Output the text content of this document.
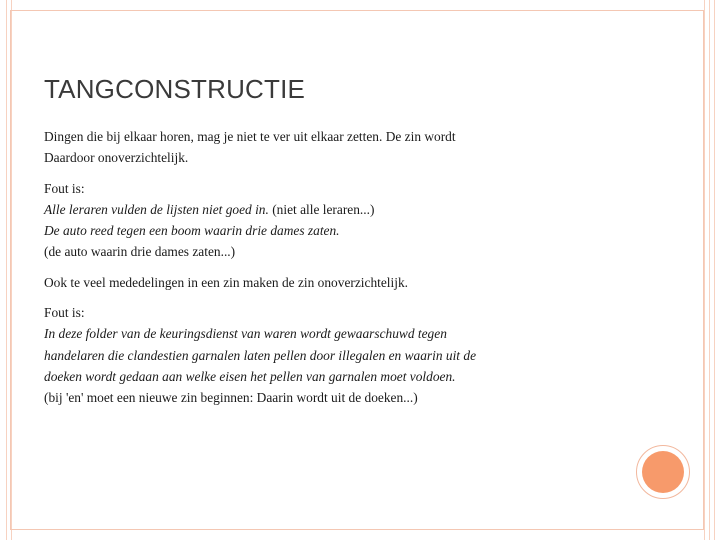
TANGCONSTRUCTIE

Dingen die bij elkaar horen, mag je niet te ver uit elkaar zetten. De zin wordt
Daardoor onoverzichtelijk.

Fout is:
Alle leraren vulden de lijsten niet goed in. (niet alle leraren...)
De auto reed tegen een boom waarin drie dames zaten.
(de auto waarin drie dames zaten...)

Ook te veel mededelingen in een zin maken de zin onoverzichtelijk.

Fout is:
In deze folder van de keuringsdienst van waren wordt gewaarschuwd tegen
handelaren die clandestien garnalen laten pellen door illegalen en waarin uit de
doeken wordt gedaan aan welke eisen het pellen van garnalen moet voldoen.
(bij 'en' moet een nieuwe zin beginnen: Daarin wordt uit de doeken...)
